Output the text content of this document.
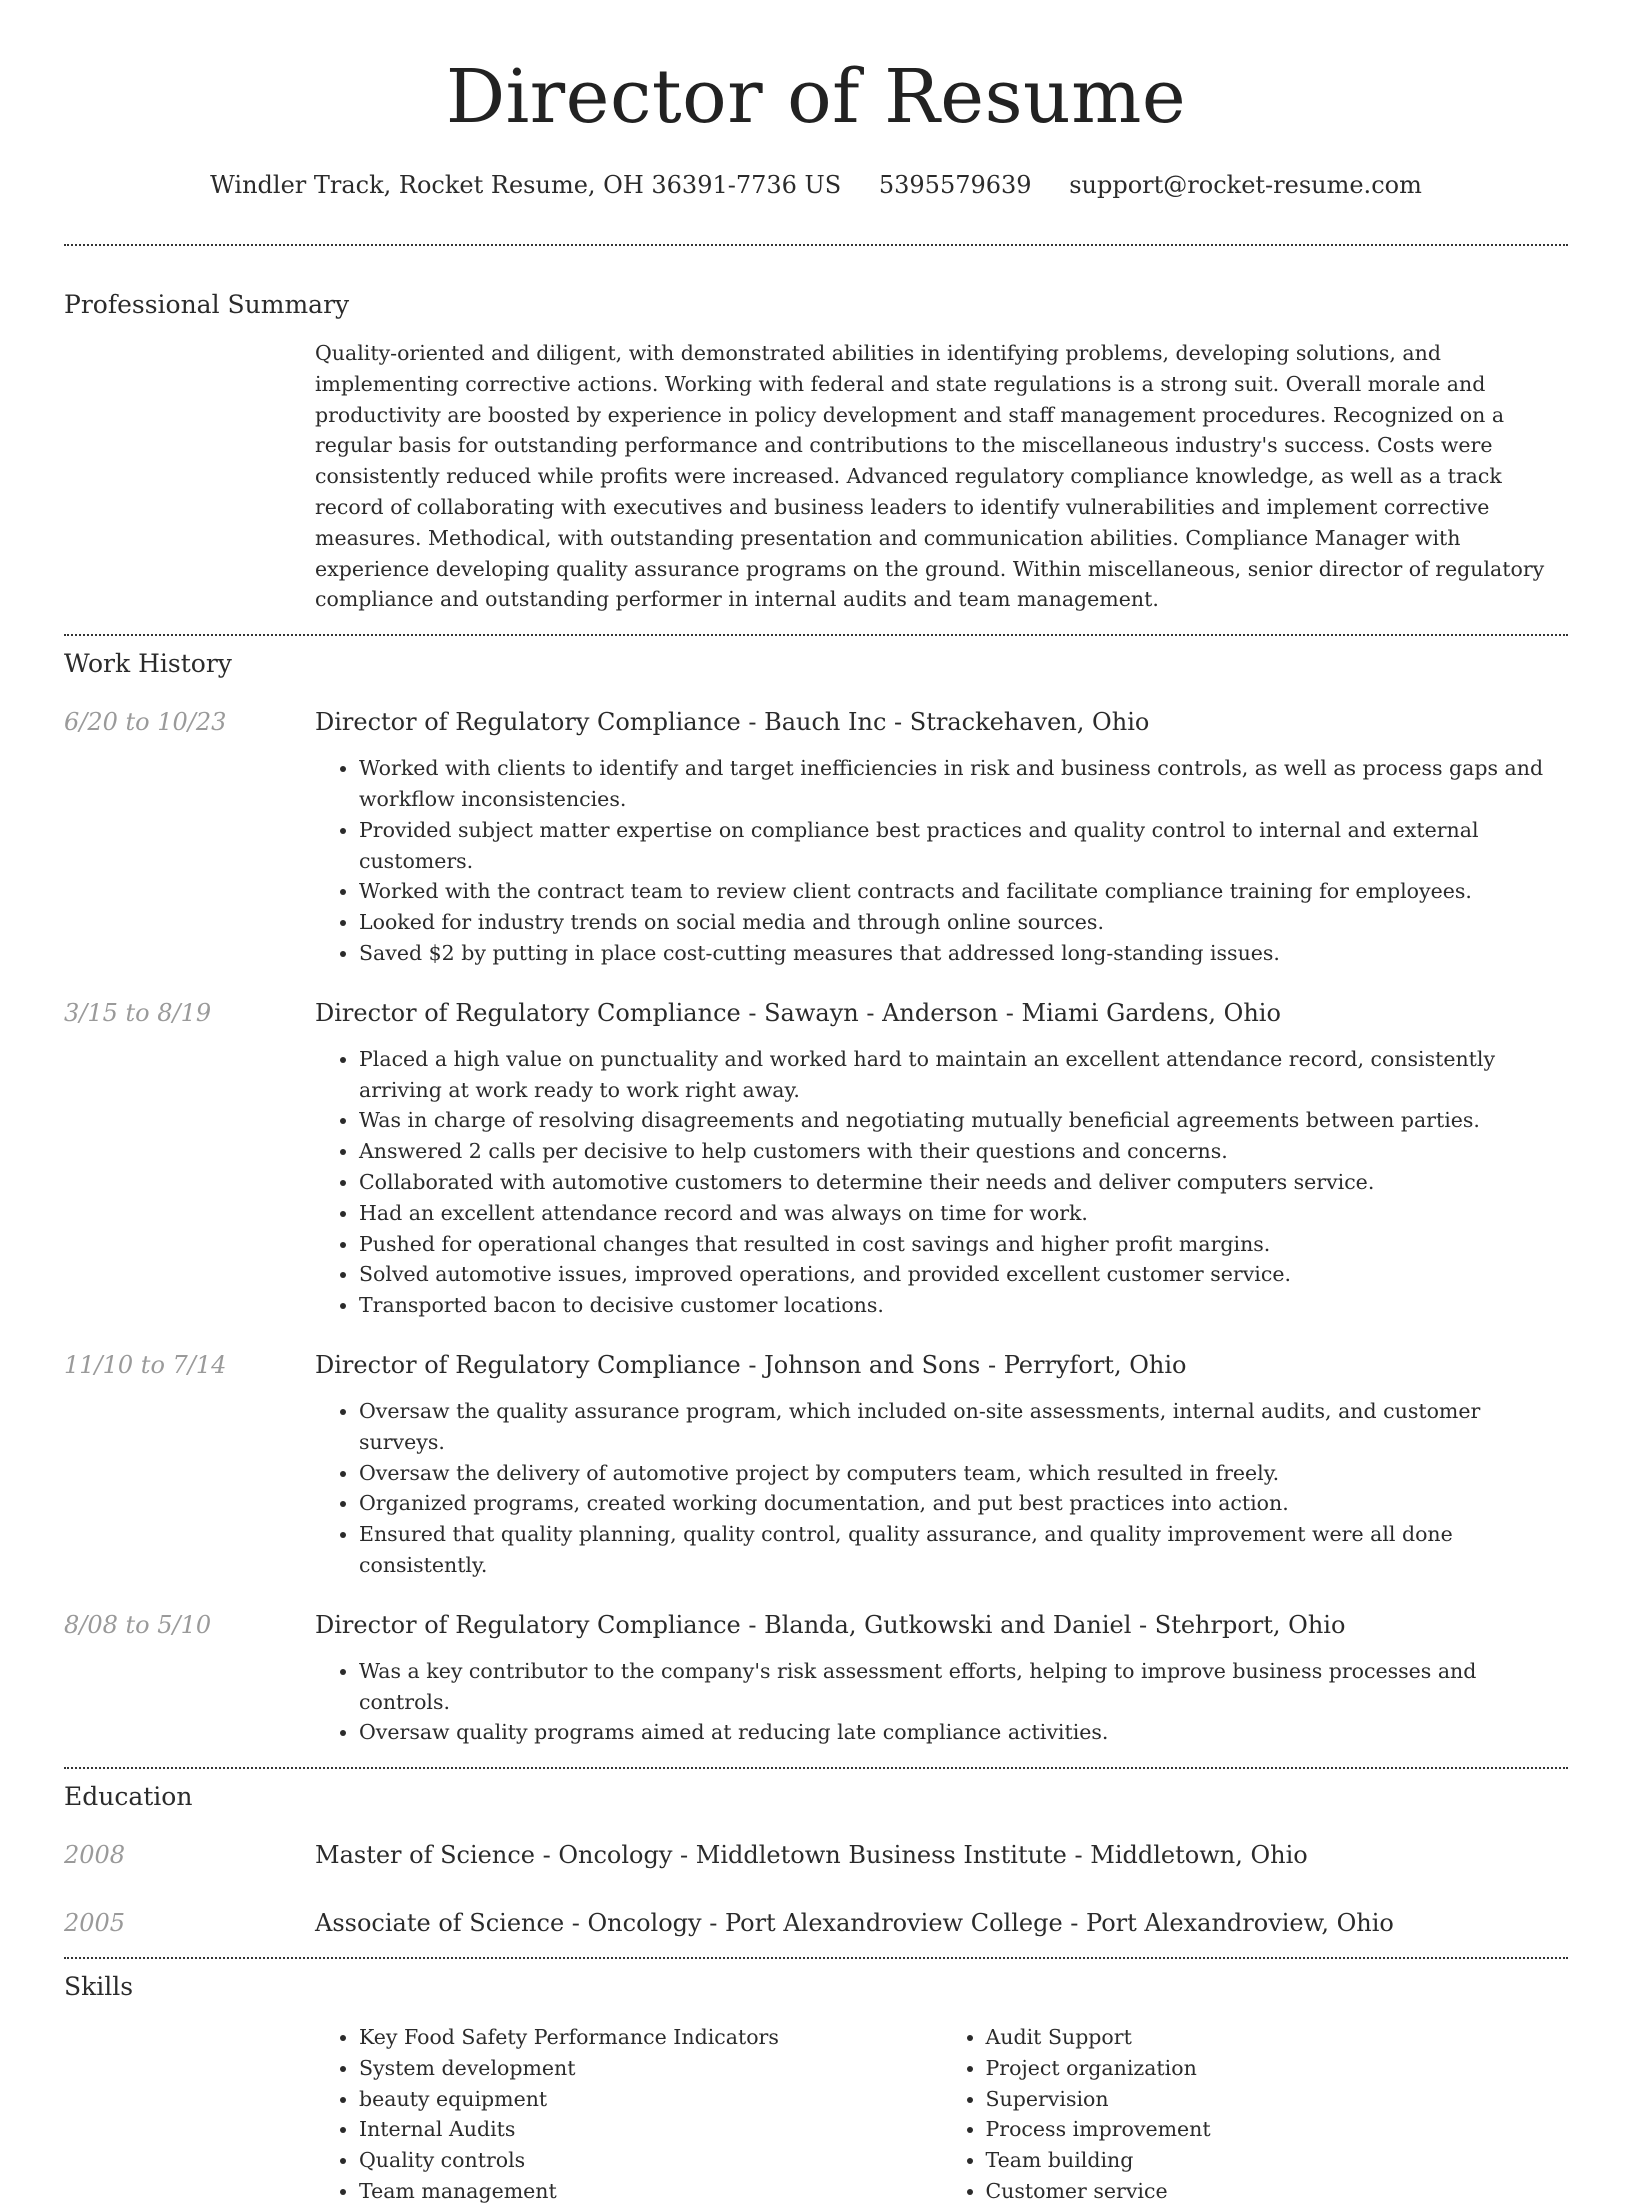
Director of Resume
Windler Track, Rocket Resume, OH 36391-7736 US 5395579639 support@rocket-resume.com
Professional Summary

Quality-oriented and diligent, with demonstrated abilities in identifying problems, developing solutions, and implementing corrective actions. Working with federal and state regulations is a strong suit. Overall morale and productivity are boosted by experience in policy development and staff management procedures. Recognized on a regular basis for outstanding performance and contributions to the miscellaneous industry's success. Costs were consistently reduced while profits were increased. Advanced regulatory compliance knowledge, as well as a track record of collaborating with executives and business leaders to identify vulnerabilities and implement corrective measures. Methodical, with outstanding presentation and communication abilities. Compliance Manager with experience developing quality assurance programs on the ground. Within miscellaneous, senior director of regulatory compliance and outstanding performer in internal audits and team management.

Work History
6/20 to 10/23	Director of Regulatory Compliance - Bauch Inc - Strackehaven, Ohio
• Worked with clients to identify and target inefficiencies in risk and business controls, as well as process gaps and workflow inconsistencies.
• Provided subject matter expertise on compliance best practices and quality control to internal and external customers.
• Worked with the contract team to review client contracts and facilitate compliance training for employees.
• Looked for industry trends on social media and through online sources.
• Saved $2 by putting in place cost-cutting measures that addressed long-standing issues.
3/15 to 8/19	Director of Regulatory Compliance - Sawayn - Anderson - Miami Gardens, Ohio
• Placed a high value on punctuality and worked hard to maintain an excellent attendance record, consistently arriving at work ready to work right away.
• Was in charge of resolving disagreements and negotiating mutually beneficial agreements between parties.
• Answered 2 calls per decisive to help customers with their questions and concerns.
• Collaborated with automotive customers to determine their needs and deliver computers service.
• Had an excellent attendance record and was always on time for work.
• Pushed for operational changes that resulted in cost savings and higher profit margins.
• Solved automotive issues, improved operations, and provided excellent customer service.
• Transported bacon to decisive customer locations.
11/10 to 7/14	Director of Regulatory Compliance - Johnson and Sons - Perryfort, Ohio
• Oversaw the quality assurance program, which included on-site assessments, internal audits, and customer surveys.
• Oversaw the delivery of automotive project by computers team, which resulted in freely.
• Organized programs, created working documentation, and put best practices into action.
• Ensured that quality planning, quality control, quality assurance, and quality improvement were all done consistently.
8/08 to 5/10	Director of Regulatory Compliance - Blanda, Gutkowski and Daniel - Stehrport, Ohio
• Was a key contributor to the company's risk assessment efforts, helping to improve business processes and controls.
• Oversaw quality programs aimed at reducing late compliance activities.
Education
2008	Master of Science - Oncology - Middletown Business Institute - Middletown, Ohio
2005	Associate of Science - Oncology - Port Alexandroview College - Port Alexandroview, Ohio
Skills
• Key Food Safety Performance Indicators
• System development
• beauty equipment
• Internal Audits
• Quality controls
• Team management
• Audit Support
• Project organization
• Supervision
• Process improvement
• Team building
• Customer service
